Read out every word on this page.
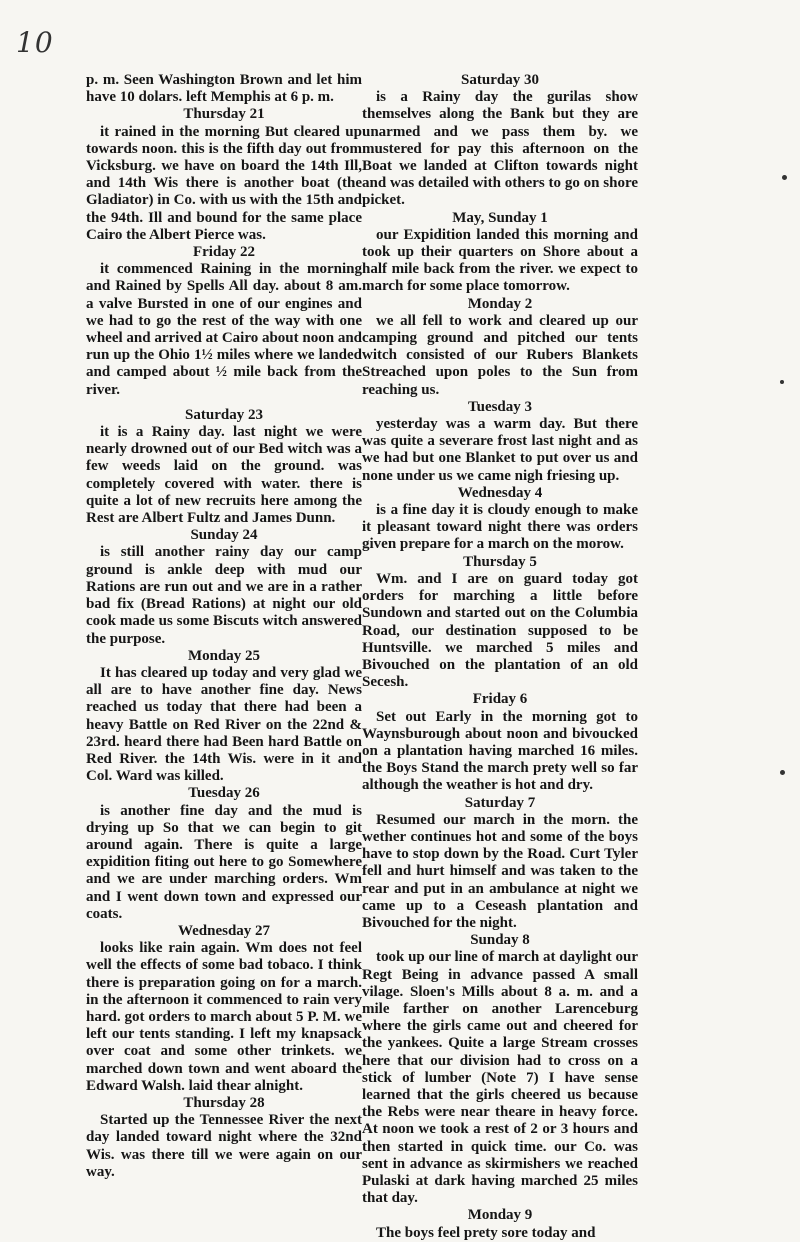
10

p. m. Seen Washington Brown and let him have 10 dolars. left Memphis at 6 p. m.

Thursday 21

it rained in the morning But cleared up towards noon. this is the fifth day out from Vicksburg. we have on board the 14th Ill, and 14th Wis there is another boat (the Gladiator) in Co. with us with the 15th and the 94th. Ill and bound for the same place Cairo the Albert Pierce was.

Friday 22

it commenced Raining in the morning and Rained by Spells All day. about 8 am. a valve Bursted in one of our engines and we had to go the rest of the way with one wheel and arrived at Cairo about noon and run up the Ohio 1½ miles where we landed and camped about ½ mile back from the river.

Saturday 23

it is a Rainy day. last night we were nearly drowned out of our Bed witch was a few weeds laid on the ground. was completely covered with water. there is quite a lot of new recruits here among the Rest are Albert Fultz and James Dunn.

Sunday 24

is still another rainy day our camp ground is ankle deep with mud our Rations are run out and we are in a rather bad fix (Bread Rations) at night our old cook made us some Biscuts witch answered the purpose.

Monday 25

It has cleared up today and very glad we all are to have another fine day. News reached us today that there had been a heavy Battle on Red River on the 22nd & 23rd. heard there had Been hard Battle on Red River. the 14th Wis. were in it and Col. Ward was killed.

Tuesday 26

is another fine day and the mud is drying up So that we can begin to git around again. There is quite a large expidition fiting out here to go Somewhere and we are under marching orders. Wm and I went down town and expressed our coats.

Wednesday 27

looks like rain again. Wm does not feel well the effects of some bad tobaco. I think there is preparation going on for a march. in the afternoon it commenced to rain very hard. got orders to march about 5 P. M. we left our tents standing. I left my knapsack over coat and some other trinkets. we marched down town and went aboard the Edward Walsh. laid thear alnight.

Thursday 28

Started up the Tennessee River the next day landed toward night where the 32nd Wis. was there till we were again on our way.

Saturday 30

is a Rainy day the gurilas show themselves along the Bank but they are unarmed and we pass them by. we mustered for pay this afternoon on the Boat we landed at Clifton towards night and was detailed with others to go on shore picket.

May, Sunday 1

our Expidition landed this morning and took up their quarters on Shore about a half mile back from the river. we expect to march for some place tomorrow.

Monday 2

we all fell to work and cleared up our camping ground and pitched our tents witch consisted of our Rubers Blankets Streached upon poles to the Sun from reaching us.

Tuesday 3

yesterday was a warm day. But there was quite a severare frost last night and as we had but one Blanket to put over us and none under us we came nigh friesing up.

Wednesday 4

is a fine day it is cloudy enough to make it pleasant toward night there was orders given prepare for a march on the morow.

Thursday 5

Wm. and I are on guard today got orders for marching a little before Sundown and started out on the Columbia Road, our destination supposed to be Huntsville. we marched 5 miles and Bivouched on the plantation of an old Secesh.

Friday 6

Set out Early in the morning got to Waynsburough about noon and bivoucked on a plantation having marched 16 miles. the Boys Stand the march prety well so far although the weather is hot and dry.

Saturday 7

Resumed our march in the morn. the wether continues hot and some of the boys have to stop down by the Road. Curt Tyler fell and hurt himself and was taken to the rear and put in an ambulance at night we came up to a Ceseash plantation and Bivouched for the night.

Sunday 8

took up our line of march at daylight our Regt Being in advance passed A small vilage. Sloen's Mills about 8 a. m. and a mile farther on another Larenceburg where the girls came out and cheered for the yankees. Quite a large Stream crosses here that our division had to cross on a stick of lumber (Note 7) I have sense learned that the girls cheered us because the Rebs were near theare in heavy force. At noon we took a rest of 2 or 3 hours and then started in quick time. our Co. was sent in advance as skirmishers we reached Pulaski at dark having marched 25 miles that day.

Monday 9

The boys feel prety sore today and
